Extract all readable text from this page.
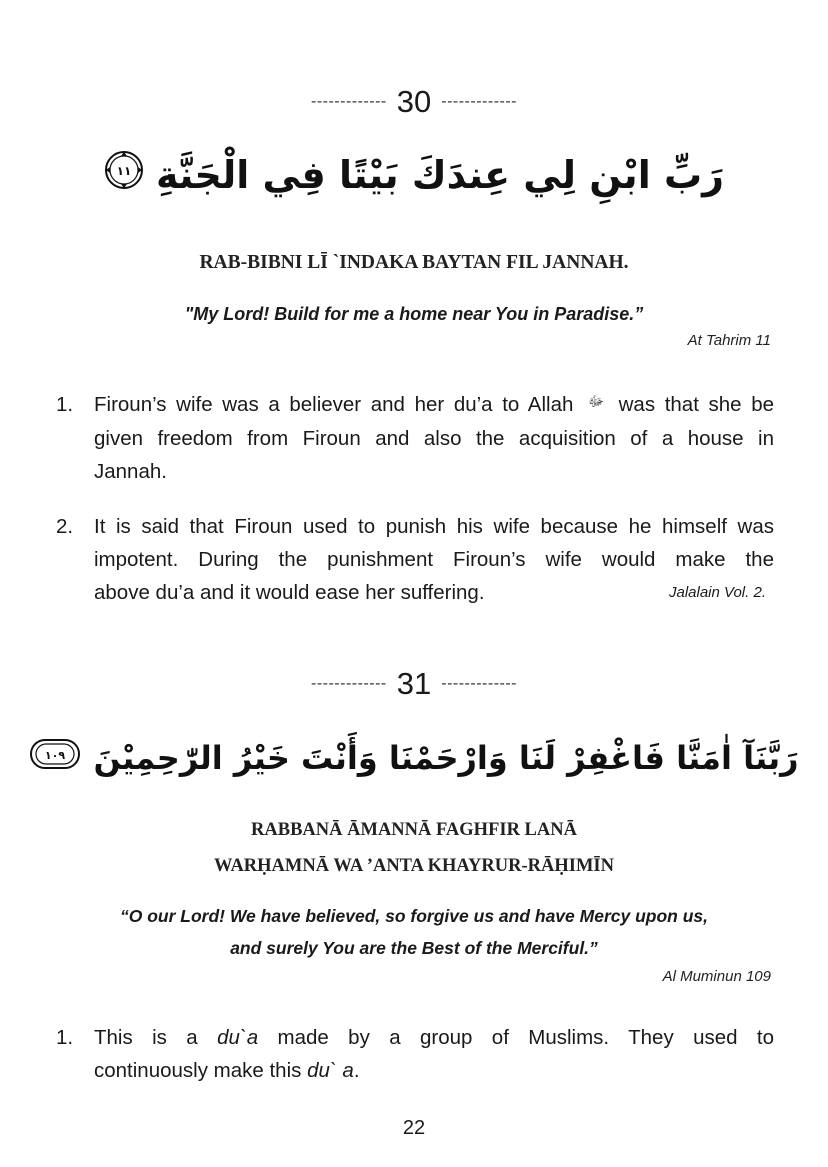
------------- 30 -------------
رَبِّ ابْنِ لِي عِندَكَ بَيْتًا فِي الْجَنَّةِ
١١
RAB-BIBNI LĪ `INDAKA BAYTAN FIL JANNAH.
"My Lord! Build for me a home near You in Paradise.”
At Tahrim 11
1. Firoun’s wife was a believer and her du’a to Allah ﷻ was that she be
given freedom from Firoun and also the acquisition of a house in
Jannah.
2. It is said that Firoun used to punish his wife because he himself was
impotent. During the punishment Firoun’s wife would make the
above du’a and it would ease her suffering.	Jalalain Vol. 2.
------------- 31 -------------
رَبَّنَآ اٰمَنَّا فَاغْفِرْ لَنَا وَارْحَمْنَا وَأَنْتَ خَيْرُ الرّٰحِمِيْنَ
١٠٩
RABBANĀ ĀMANNĀ FAGHFIR LANĀ
WARḤAMNĀ WA ’ANTA KHAYRUR-RĀḤIMĪN
“O our Lord! We have believed, so forgive us and have Mercy upon us,
and surely You are the Best of the Merciful.”
Al Muminun 109
1. This is a du`a made by a group of Muslims. They used to
continuously make this du` a.
22
